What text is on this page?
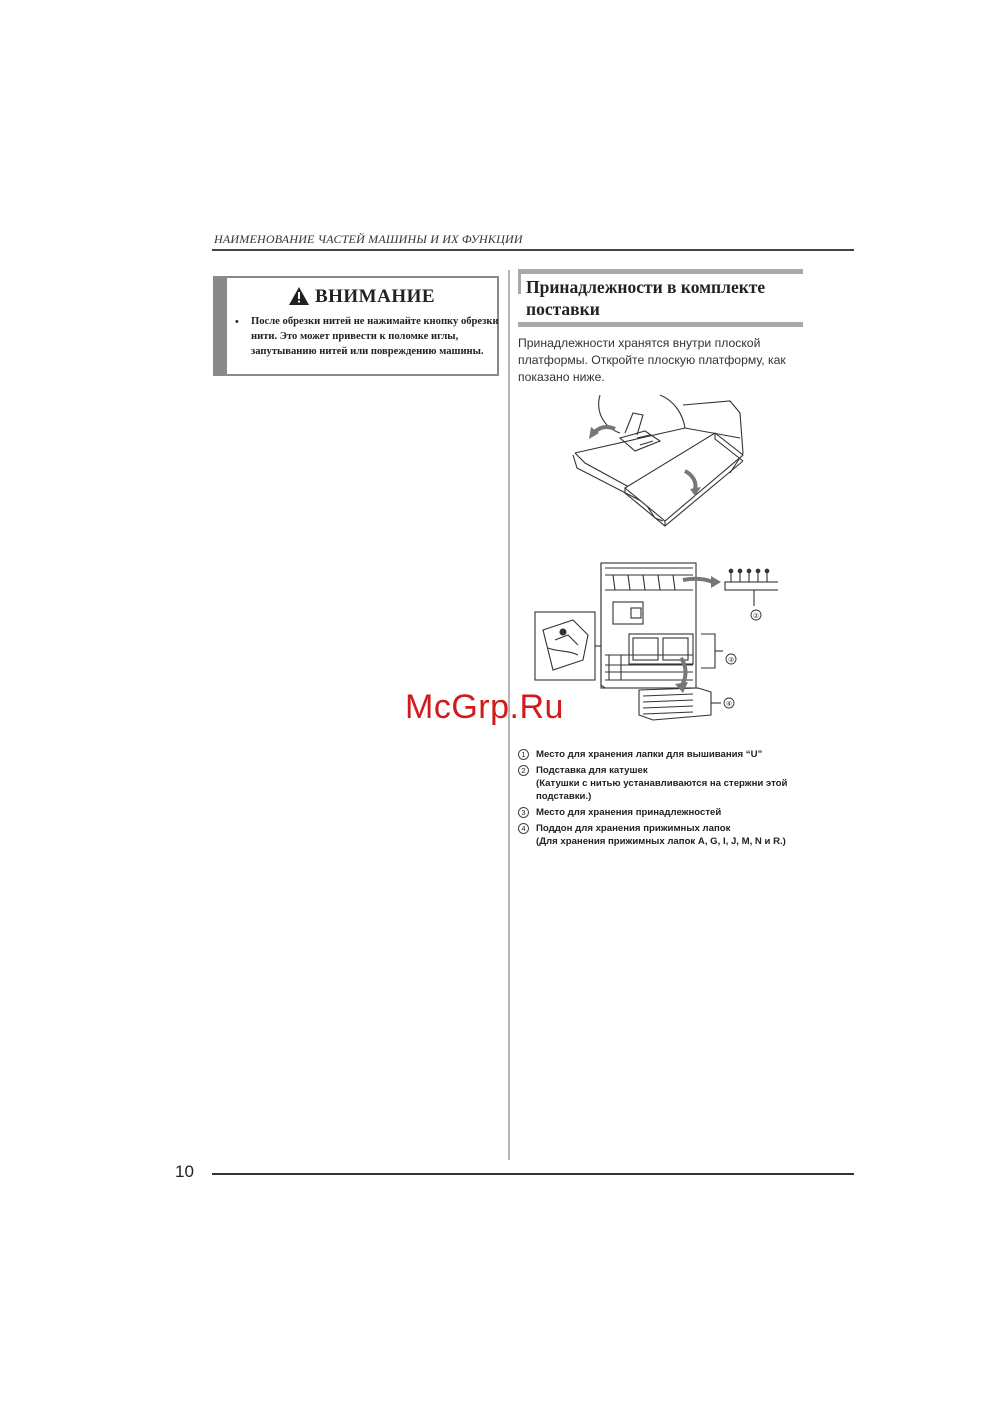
НАИМЕНОВАНИЕ ЧАСТЕЙ МАШИНЫ И ИХ ФУНКЦИИ
ВНИМАНИЕ
• После обрезки нитей не нажимайте кнопку обрезки нити. Это может привести к поломке иглы, запутыванию нитей или повреждению машины.
Принадлежности в комплекте
поставки
Принадлежности хранятся внутри плоской платформы. Откройте плоскую платформу, как показано ниже.
②
③
④
1	Место для хранения лапки для вышивания “U”
2	Подставка для катушек
(Катушки с нитью устанавливаются на стержни этой подставки.)
3	Место для хранения принадлежностей
4	Поддон для хранения прижимных лапок
(Для хранения прижимных лапок A, G, I, J, M, N и R.)
McGrp.Ru
10
